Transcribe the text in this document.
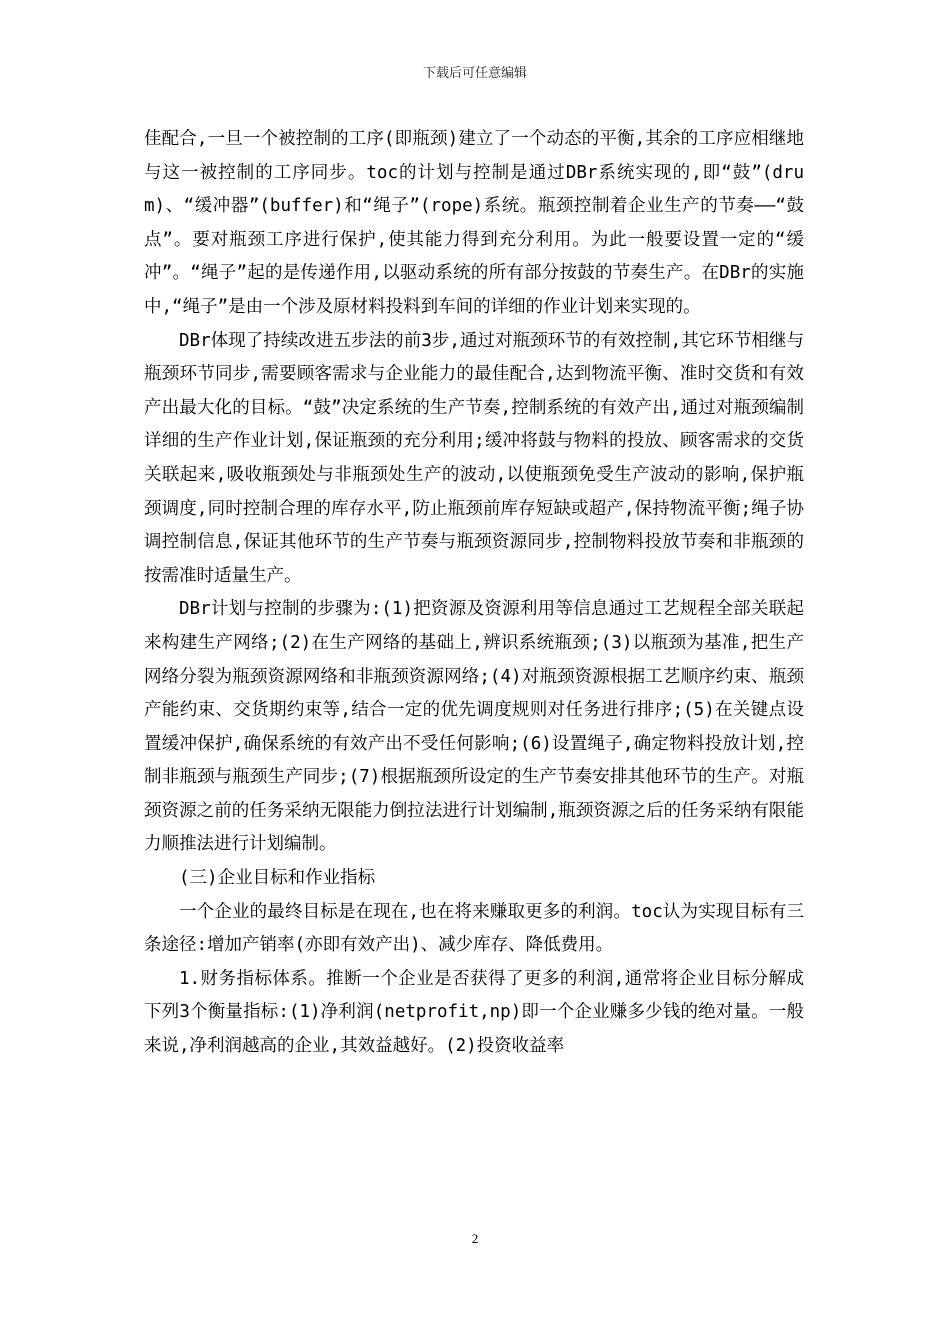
下载后可任意编辑

佳配合,一旦一个被控制的工序(即瓶颈)建立了一个动态的平衡,其余的工序应相继地与这一被控制的工序同步。toc的计划与控制是通过DBr系统实现的,即“鼓”(drum)、“缓冲器”(buffer)和“绳子”(rope)系统。瓶颈控制着企业生产的节奏——“鼓点”。要对瓶颈工序进行保护,使其能力得到充分利用。为此一般要设置一定的“缓冲”。“绳子”起的是传递作用,以驱动系统的所有部分按鼓的节奏生产。在DBr的实施中,“绳子”是由一个涉及原材料投料到车间的详细的作业计划来实现的。

DBr体现了持续改进五步法的前3步,通过对瓶颈环节的有效控制,其它环节相继与瓶颈环节同步,需要顾客需求与企业能力的最佳配合,达到物流平衡、准时交货和有效产出最大化的目标。“鼓”决定系统的生产节奏,控制系统的有效产出,通过对瓶颈编制详细的生产作业计划,保证瓶颈的充分利用;缓冲将鼓与物料的投放、顾客需求的交货关联起来,吸收瓶颈处与非瓶颈处生产的波动,以使瓶颈免受生产波动的影响,保护瓶颈调度,同时控制合理的库存水平,防止瓶颈前库存短缺或超产,保持物流平衡;绳子协调控制信息,保证其他环节的生产节奏与瓶颈资源同步,控制物料投放节奏和非瓶颈的按需准时适量生产。

DBr计划与控制的步骤为:(1)把资源及资源利用等信息通过工艺规程全部关联起来构建生产网络;(2)在生产网络的基础上,辨识系统瓶颈;(3)以瓶颈为基准,把生产网络分裂为瓶颈资源网络和非瓶颈资源网络;(4)对瓶颈资源根据工艺顺序约束、瓶颈产能约束、交货期约束等,结合一定的优先调度规则对任务进行排序;(5)在关键点设置缓冲保护,确保系统的有效产出不受任何影响;(6)设置绳子,确定物料投放计划,控制非瓶颈与瓶颈生产同步;(7)根据瓶颈所设定的生产节奏安排其他环节的生产。对瓶颈资源之前的任务采纳无限能力倒拉法进行计划编制,瓶颈资源之后的任务采纳有限能力顺推法进行计划编制。

(三)企业目标和作业指标

一个企业的最终目标是在现在,也在将来赚取更多的利润。toc认为实现目标有三条途径:增加产销率(亦即有效产出)、减少库存、降低费用。

1.财务指标体系。推断一个企业是否获得了更多的利润,通常将企业目标分解成下列3个衡量指标:(1)净利润(netprofit,np)即一个企业赚多少钱的绝对量。一般来说,净利润越高的企业,其效益越好。(2)投资收益率

2
